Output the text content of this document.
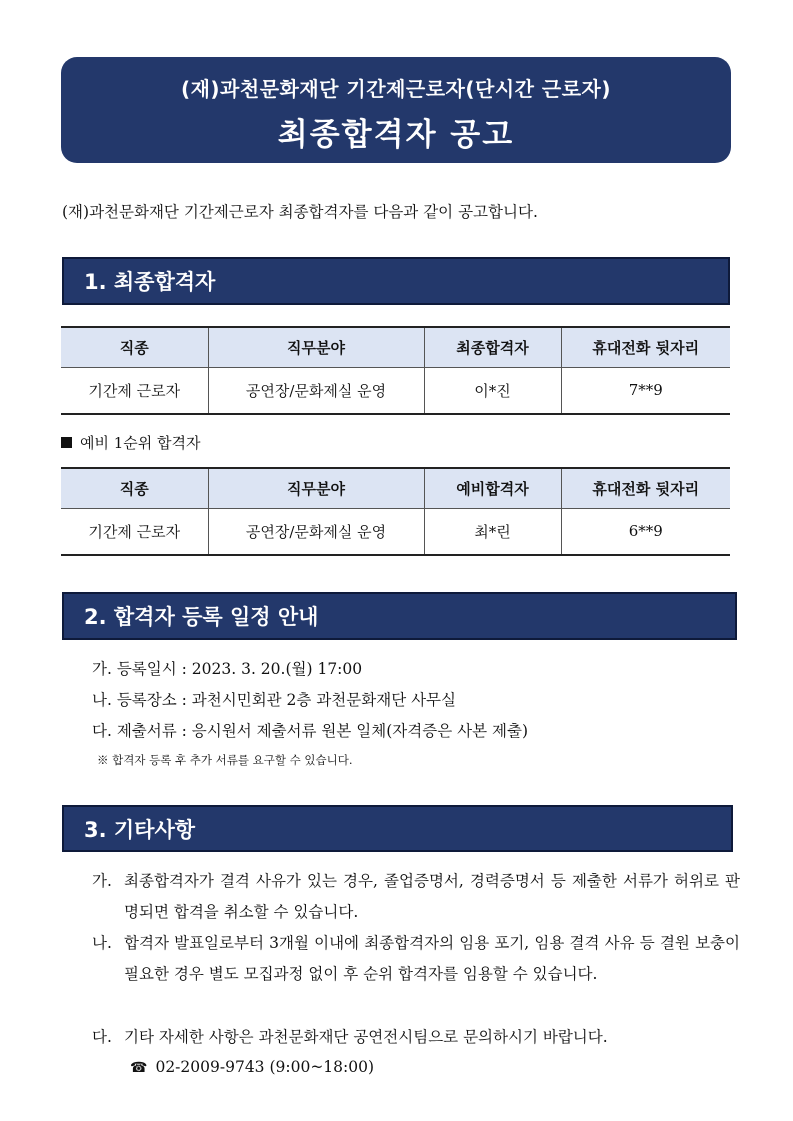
(재)과천문화재단 기간제근로자(단시간 근로자)
최종합격자 공고
(재)과천문화재단 기간제근로자 최종합격자를 다음과 같이 공고합니다.
1. 최종합격자
직종	직무분야	최종합격자	휴대전화 뒷자리
기간제 근로자	공연장/문화제실 운영	이*진	7**9
예비 1순위 합격자
직종	직무분야	예비합격자	휴대전화 뒷자리
기간제 근로자	공연장/문화제실 운영	최*린	6**9
2. 합격자 등록 일정 안내
가. 등록일시 : 2023. 3. 20.(월) 17:00
나. 등록장소 : 과천시민회관 2층 과천문화재단 사무실
다. 제출서류 : 응시원서 제출서류 원본 일체(자격증은 사본 제출)
※ 합격자 등록 후 추가 서류를 요구할 수 있습니다.
3. 기타사항
가. 최종합격자가 결격 사유가 있는 경우, 졸업증명서, 경력증명서 등 제출한 서류가 허위로 판명되면 합격을 취소할 수 있습니다.
나. 합격자 발표일로부터 3개월 이내에 최종합격자의 임용 포기, 임용 결격 사유 등 결원 보충이 필요한 경우 별도 모집과정 없이 후 순위 합격자를 임용할 수 있습니다.
다. 기타 자세한 사항은 과천문화재단 공연전시팀으로 문의하시기 바랍니다.
☎ 02-2009-9743 (9:00~18:00)
